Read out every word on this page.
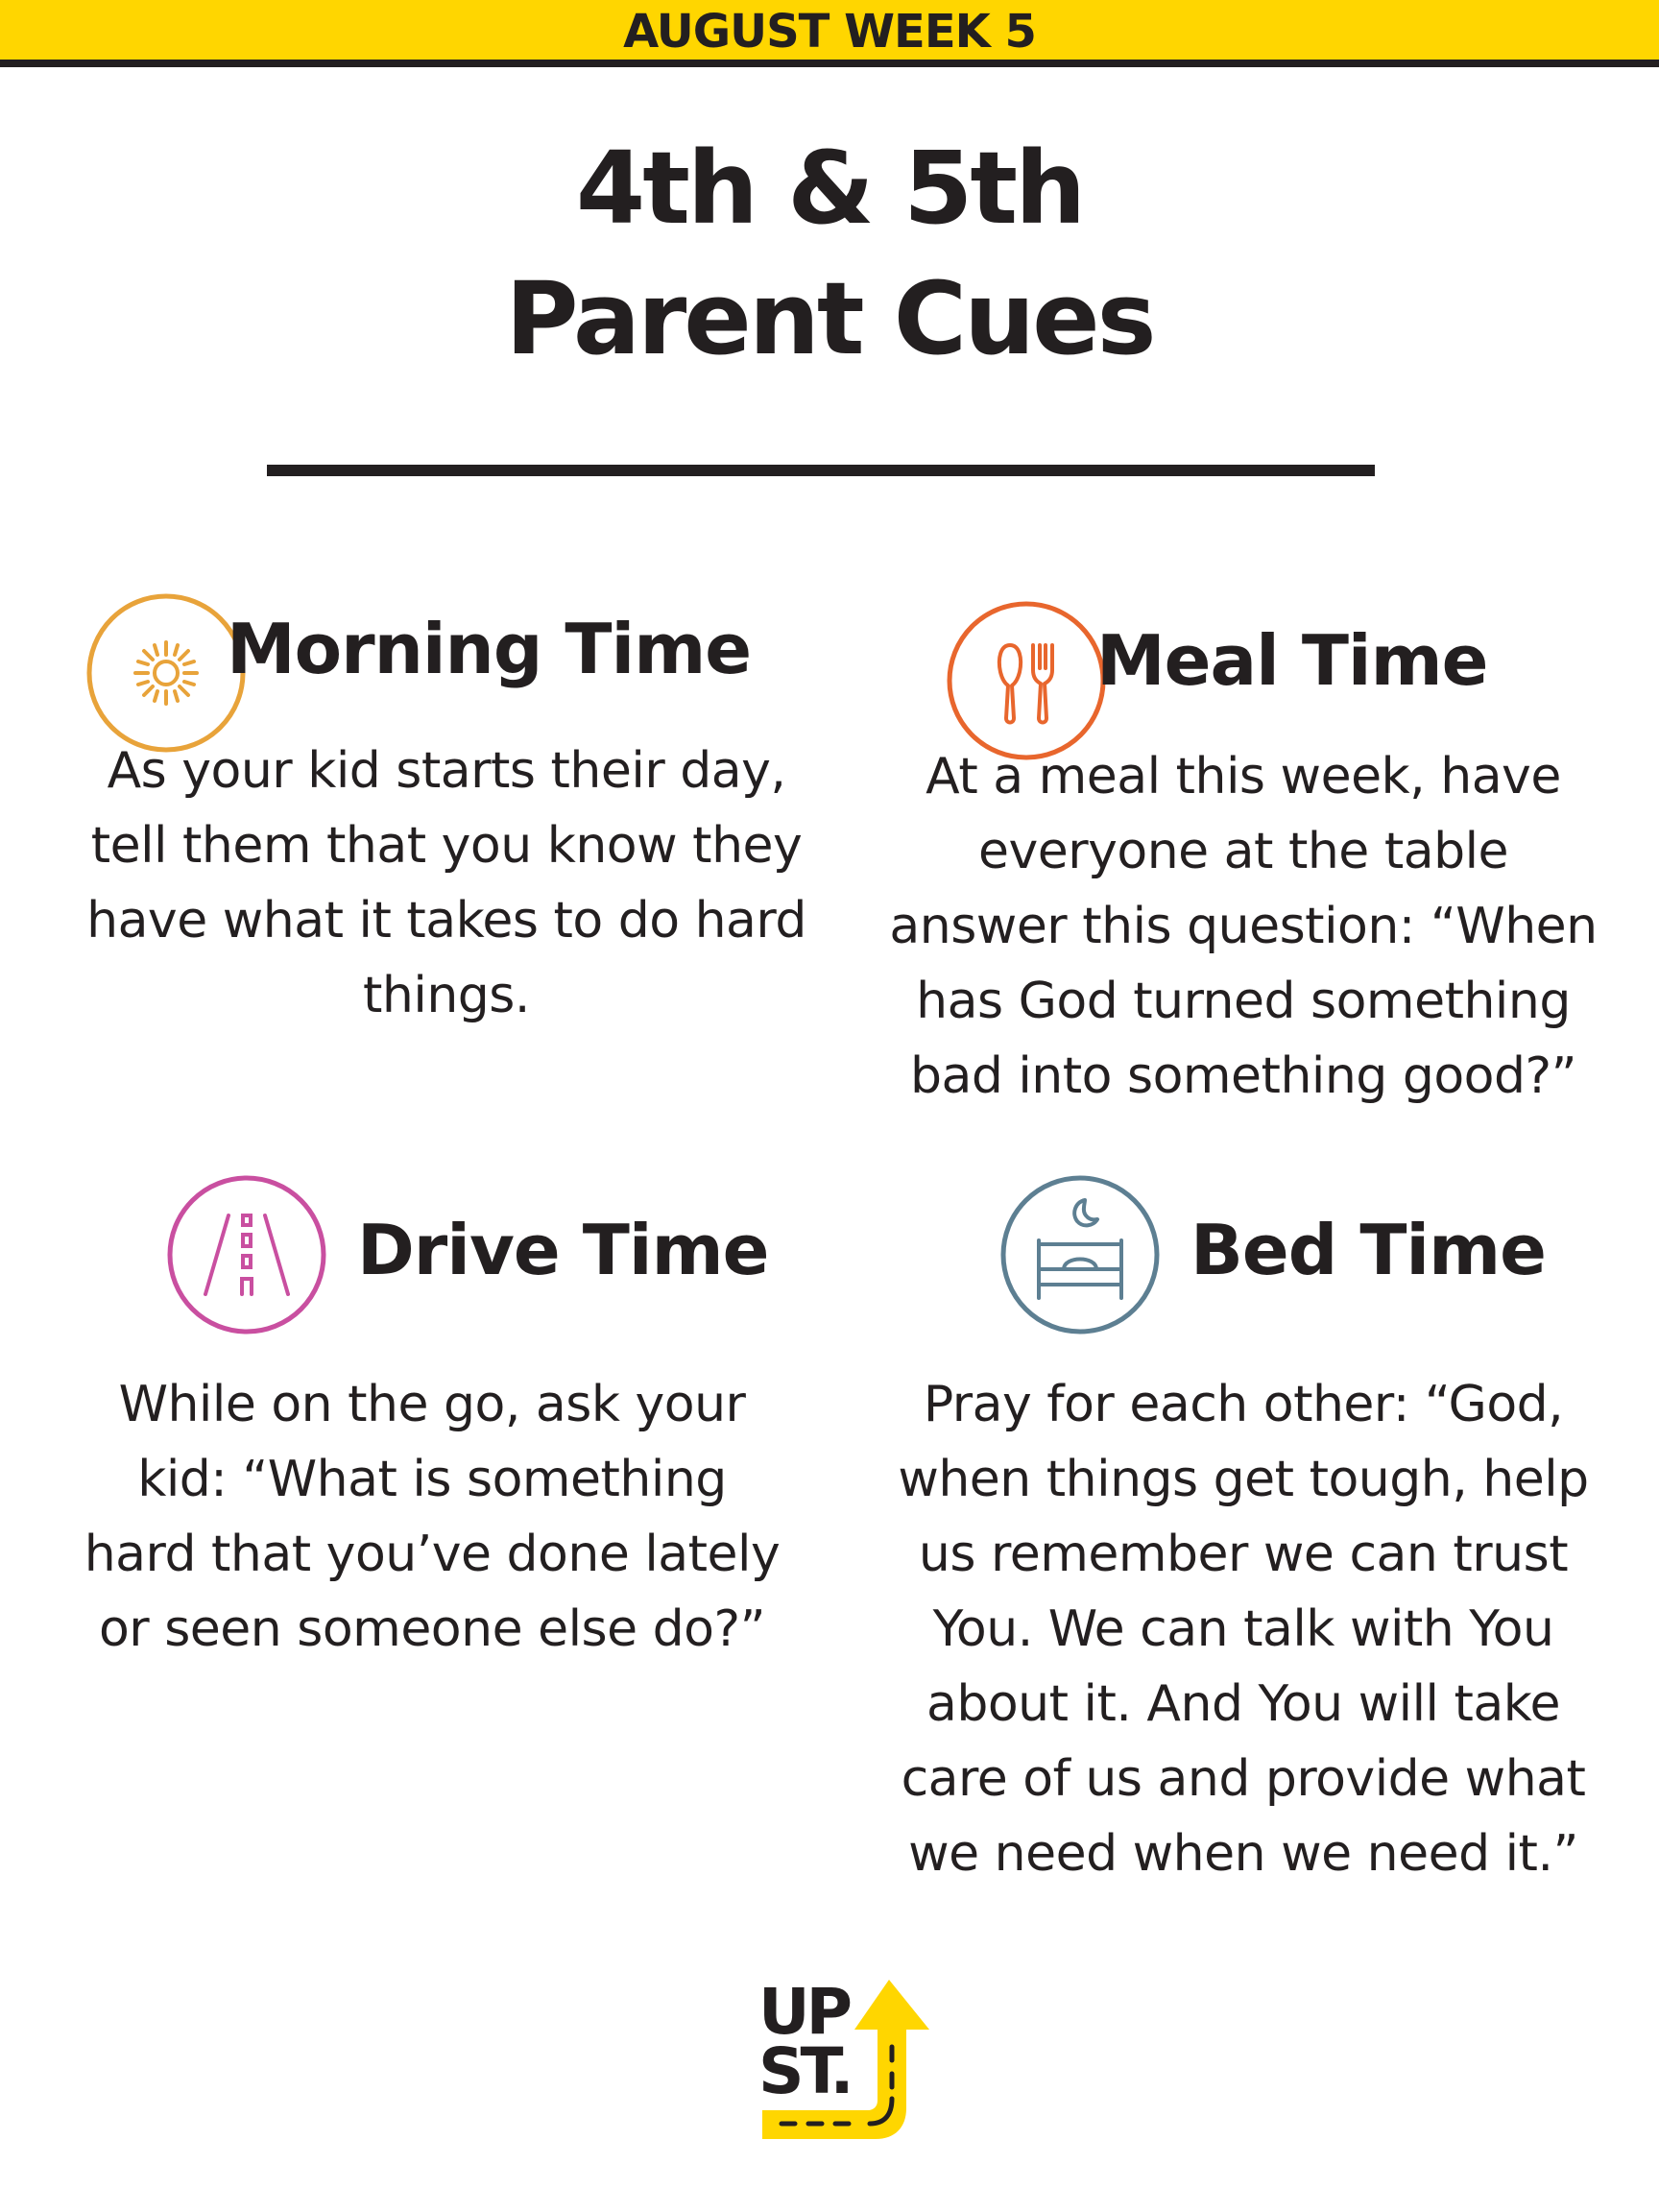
AUGUST WEEK 5
4th & 5th
Parent Cues
Morning Time
As your kid starts their day,
tell them that you know they
have what it takes to do hard
things.
Meal Time
At a meal this week, have
everyone at the table
answer this question: “When
has God turned something
bad into something good?”
Drive Time
While on the go, ask your
kid: “What is something
hard that you’ve done lately
or seen someone else do?”
Bed Time
Pray for each other: “God,
when things get tough, help
us remember we can trust
You. We can talk with You
about it. And You will take
care of us and provide what
we need when we need it.”
UP
ST.
